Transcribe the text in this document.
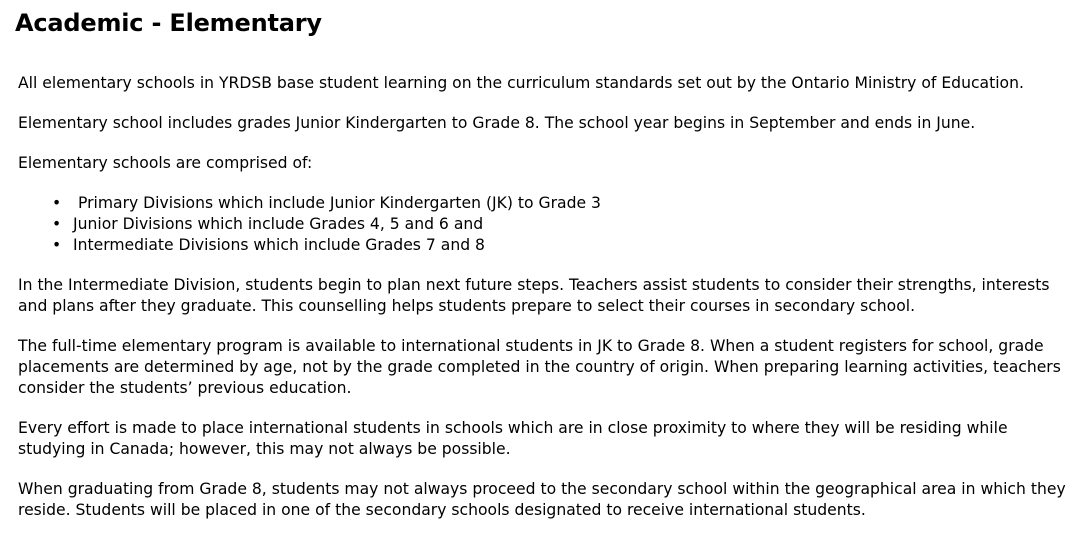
Academic - Elementary

All elementary schools in YRDSB base student learning on the curriculum standards set out by the Ontario Ministry of Education.

Elementary school includes grades Junior Kindergarten to Grade 8. The school year begins in September and ends in June.

Elementary schools are comprised of:

• Primary Divisions which include Junior Kindergarten (JK) to Grade 3
• Junior Divisions which include Grades 4, 5 and 6 and
• Intermediate Divisions which include Grades 7 and 8

In the Intermediate Division, students begin to plan next future steps. Teachers assist students to consider their strengths, interests and plans after they graduate. This counselling helps students prepare to select their courses in secondary school.

The full-time elementary program is available to international students in JK to Grade 8. When a student registers for school, grade placements are determined by age, not by the grade completed in the country of origin. When preparing learning activities, teachers consider the students’ previous education.

Every effort is made to place international students in schools which are in close proximity to where they will be residing while studying in Canada; however, this may not always be possible.

When graduating from Grade 8, students may not always proceed to the secondary school within the geographical area in which they reside. Students will be placed in one of the secondary schools designated to receive international students.
